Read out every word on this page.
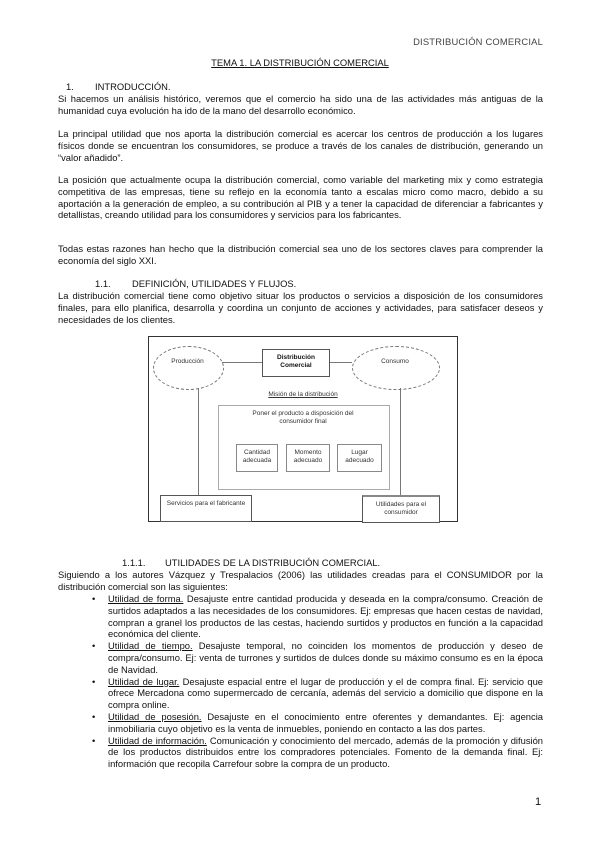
DISTRIBUCIÓN COMERCIAL
TEMA 1. LA DISTRIBUCIÓN COMERCIAL
1. INTRODUCCIÓN.
Si hacemos un análisis histórico, veremos que el comercio ha sido una de las actividades más antiguas de la humanidad cuya evolución ha ido de la mano del desarrollo económico.
La principal utilidad que nos aporta la distribución comercial es acercar los centros de producción a los lugares físicos donde se encuentran los consumidores, se produce a través de los canales de distribución, generando un “valor añadido”.
La posición que actualmente ocupa la distribución comercial, como variable del marketing mix y como estrategia competitiva de las empresas, tiene su reflejo en la economía tanto a escalas micro como macro, debido a su aportación a la generación de empleo, a su contribución al PIB y a tener la capacidad de diferenciar a fabricantes y detallistas, creando utilidad para los consumidores y servicios para los fabricantes.
Todas estas razones han hecho que la distribución comercial sea uno de los sectores claves para comprender la economía del siglo XXI.
1.1. DEFINICIÓN, UTILIDADES Y FLUJOS.
La distribución comercial tiene como objetivo situar los productos o servicios a disposición de los consumidores finales, para ello planifica, desarrolla y coordina un conjunto de acciones y actividades, para satisfacer deseos y necesidades de los clientes.
Producción
Distribución Comercial
Consumo
Misión de la distribución
Poner el producto a disposición del consumidor final
Cantidad adecuada
Momento adecuado
Lugar adecuado
Servicios para el fabricante	Utilidades para el consumidor
1.1.1. UTILIDADES DE LA DISTRIBUCIÓN COMERCIAL.
Siguiendo a los autores Vázquez y Trespalacios (2006) las utilidades creadas para el CONSUMIDOR por la distribución comercial son las siguientes:
• Utilidad de forma. Desajuste entre cantidad producida y deseada en la compra/consumo. Creación de surtidos adaptados a las necesidades de los consumidores. Ej: empresas que hacen cestas de navidad, compran a granel los productos de las cestas, haciendo surtidos y productos en función a la capacidad económica del cliente.
• Utilidad de tiempo. Desajuste temporal, no coinciden los momentos de producción y deseo de compra/consumo. Ej: venta de turrones y surtidos de dulces donde su máximo consumo es en la época de Navidad.
• Utilidad de lugar. Desajuste espacial entre el lugar de producción y el de compra final. Ej: servicio que ofrece Mercadona como supermercado de cercanía, además del servicio a domicilio que dispone en la compra online.
• Utilidad de posesión. Desajuste en el conocimiento entre oferentes y demandantes. Ej: agencia inmobiliaria cuyo objetivo es la venta de inmuebles, poniendo en contacto a las dos partes.
• Utilidad de información. Comunicación y conocimiento del mercado, además de la promoción y difusión de los productos distribuidos entre los compradores potenciales. Fomento de la demanda final. Ej: información que recopila Carrefour sobre la compra de un producto.
1
